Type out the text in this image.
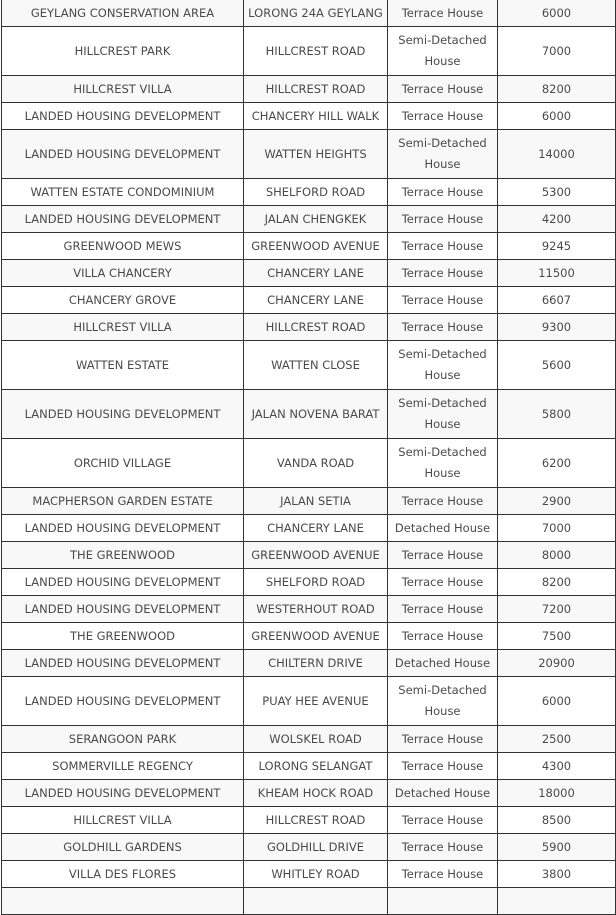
GEYLANG CONSERVATION AREA	LORONG 24A GEYLANG	Terrace House	6000
HILLCREST PARK	HILLCREST ROAD	Semi-Detached House	7000
HILLCREST VILLA	HILLCREST ROAD	Terrace House	8200
LANDED HOUSING DEVELOPMENT	CHANCERY HILL WALK	Terrace House	6000
LANDED HOUSING DEVELOPMENT	WATTEN HEIGHTS	Semi-Detached House	14000
WATTEN ESTATE CONDOMINIUM	SHELFORD ROAD	Terrace House	5300
LANDED HOUSING DEVELOPMENT	JALAN CHENGKEK	Terrace House	4200
GREENWOOD MEWS	GREENWOOD AVENUE	Terrace House	9245
VILLA CHANCERY	CHANCERY LANE	Terrace House	11500
CHANCERY GROVE	CHANCERY LANE	Terrace House	6607
HILLCREST VILLA	HILLCREST ROAD	Terrace House	9300
WATTEN ESTATE	WATTEN CLOSE	Semi-Detached House	5600
LANDED HOUSING DEVELOPMENT	JALAN NOVENA BARAT	Semi-Detached House	5800
ORCHID VILLAGE	VANDA ROAD	Semi-Detached House	6200
MACPHERSON GARDEN ESTATE	JALAN SETIA	Terrace House	2900
LANDED HOUSING DEVELOPMENT	CHANCERY LANE	Detached House	7000
THE GREENWOOD	GREENWOOD AVENUE	Terrace House	8000
LANDED HOUSING DEVELOPMENT	SHELFORD ROAD	Terrace House	8200
LANDED HOUSING DEVELOPMENT	WESTERHOUT ROAD	Terrace House	7200
THE GREENWOOD	GREENWOOD AVENUE	Terrace House	7500
LANDED HOUSING DEVELOPMENT	CHILTERN DRIVE	Detached House	20900
LANDED HOUSING DEVELOPMENT	PUAY HEE AVENUE	Semi-Detached House	6000
SERANGOON PARK	WOLSKEL ROAD	Terrace House	2500
SOMMERVILLE REGENCY	LORONG SELANGAT	Terrace House	4300
LANDED HOUSING DEVELOPMENT	KHEAM HOCK ROAD	Detached House	18000
HILLCREST VILLA	HILLCREST ROAD	Terrace House	8500
GOLDHILL GARDENS	GOLDHILL DRIVE	Terrace House	5900
VILLA DES FLORES	WHITLEY ROAD	Terrace House	3800
